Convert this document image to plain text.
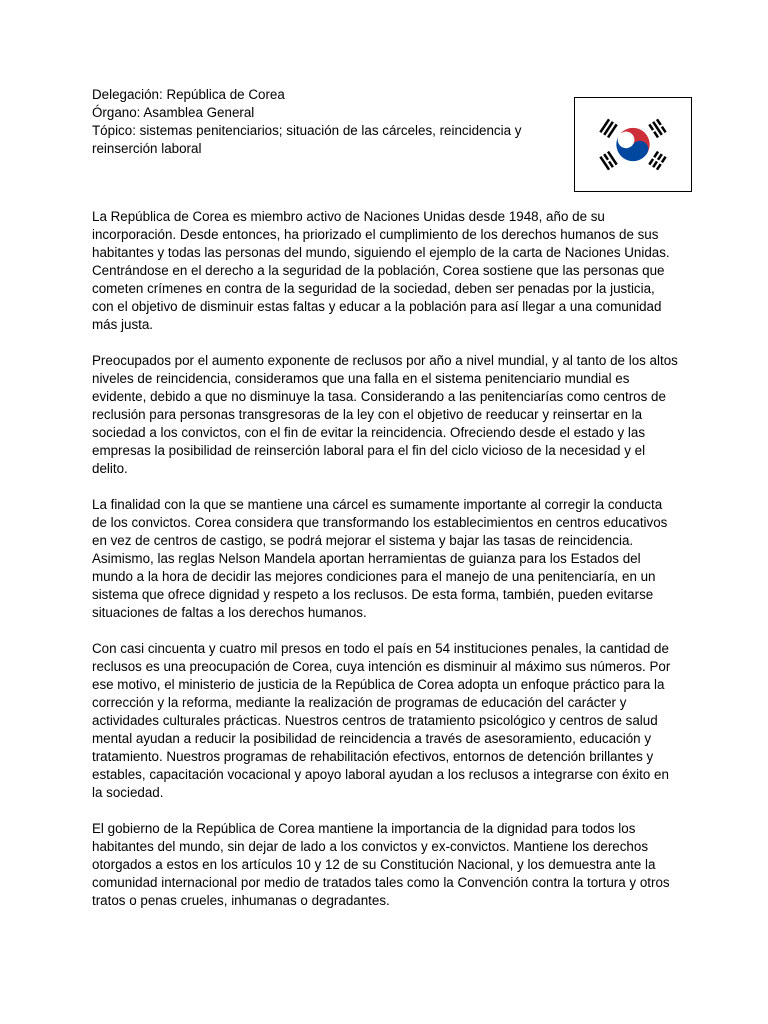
Delegación: República de Corea
Órgano: Asamblea General
Tópico: sistemas penitenciarios; situación de las cárceles, reincidencia y reinserción laboral

La República de Corea es miembro activo de Naciones Unidas desde 1948, año de su incorporación. Desde entonces, ha priorizado el cumplimiento de los derechos humanos de sus habitantes y todas las personas del mundo, siguiendo el ejemplo de la carta de Naciones Unidas. Centrándose en el derecho a la seguridad de la población, Corea sostiene que las personas que cometen crímenes en contra de la seguridad de la sociedad, deben ser penadas por la justicia, con el objetivo de disminuir estas faltas y educar a la población para así llegar a una comunidad más justa.

Preocupados por el aumento exponente de reclusos por año a nivel mundial, y al tanto de los altos niveles de reincidencia, consideramos que una falla en el sistema penitenciario mundial es evidente, debido a que no disminuye la tasa. Considerando a las penitenciarías como centros de reclusión para personas transgresoras de la ley con el objetivo de reeducar y reinsertar en la sociedad a los convictos, con el fin de evitar la reincidencia. Ofreciendo desde el estado y las empresas la posibilidad de reinserción laboral para el fin del ciclo vicioso de la necesidad y el delito.

La finalidad con la que se mantiene una cárcel es sumamente importante al corregir la conducta de los convictos. Corea considera que transformando los establecimientos en centros educativos en vez de centros de castigo, se podrá mejorar el sistema y bajar las tasas de reincidencia. Asimismo, las reglas Nelson Mandela aportan herramientas de guianza para los Estados del mundo a la hora de decidir las mejores condiciones para el manejo de una penitenciaría, en un sistema que ofrece dignidad y respeto a los reclusos. De esta forma, también, pueden evitarse situaciones de faltas a los derechos humanos.

Con casi cincuenta y cuatro mil presos en todo el país en 54 instituciones penales, la cantidad de reclusos es una preocupación de Corea, cuya intención es disminuir al máximo sus números. Por ese motivo, el ministerio de justicia de la República de Corea adopta un enfoque práctico para la corrección y la reforma, mediante la realización de programas de educación del carácter y actividades culturales prácticas. Nuestros centros de tratamiento psicológico y centros de salud mental ayudan a reducir la posibilidad de reincidencia a través de asesoramiento, educación y tratamiento. Nuestros programas de rehabilitación efectivos, entornos de detención brillantes y estables, capacitación vocacional y apoyo laboral ayudan a los reclusos a integrarse con éxito en la sociedad.

El gobierno de la República de Corea mantiene la importancia de la dignidad para todos los habitantes del mundo, sin dejar de lado a los convictos y ex-convictos. Mantiene los derechos otorgados a estos en los artículos 10 y 12 de su Constitución Nacional, y los demuestra ante la comunidad internacional por medio de tratados tales como la Convención contra la tortura y otros tratos o penas crueles, inhumanas o degradantes.
